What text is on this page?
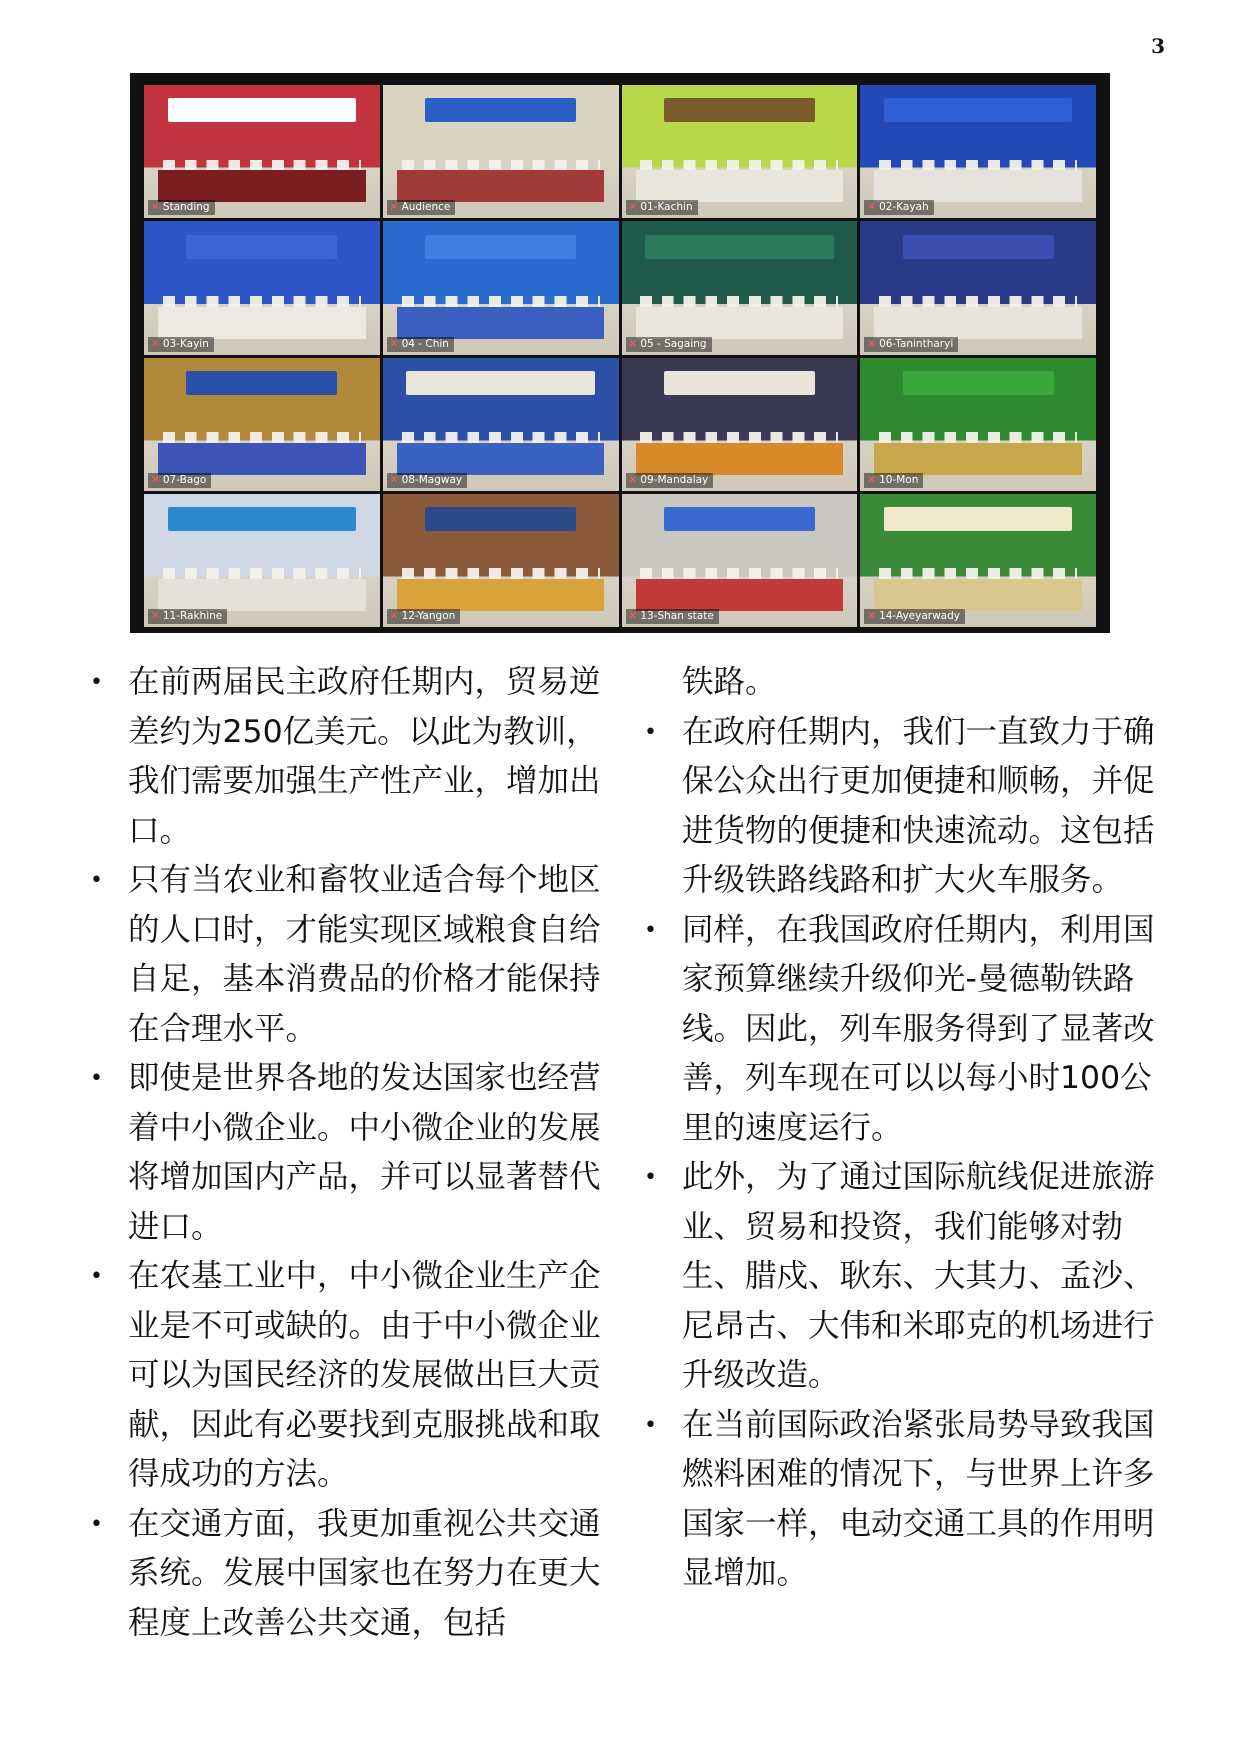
3
✕ Standing	✕ Audience	✕ 01-Kachin	✕ 02-Kayah
✕ 03-Kayin	✕ 04 - Chin	✕ 05 - Sagaing	✕ 06-Tanintharyi
✕ 07-Bago	✕ 08-Magway	✕ 09-Mandalay	✕ 10-Mon
✕ 11-Rakhine	✕ 12-Yangon	✕ 13-Shan state	✕ 14-Ayeyarwady
• 在前两届民主政府任期内，贸易逆差约为250亿美元。以此为教训，我们需要加强生产性产业，增加出口。

• 只有当农业和畜牧业适合每个地区的人口时，才能实现区域粮食自给自足，基本消费品的价格才能保持在合理水平。

• 即使是世界各地的发达国家也经营着中小微企业。中小微企业的发展将增加国内产品，并可以显著替代进口。

• 在农基工业中，中小微企业生产企业是不可或缺的。由于中小微企业可以为国民经济的发展做出巨大贡献，因此有必要找到克服挑战和取得成功的方法。

• 在交通方面，我更加重视公共交通系统。发展中国家也在努力在更大程度上改善公共交通，包括

铁路。

• 在政府任期内，我们一直致力于确保公众出行更加便捷和顺畅，并促进货物的便捷和快速流动。这包括升级铁路线路和扩大火车服务。

• 同样，在我国政府任期内，利用国家预算继续升级仰光-曼德勒铁路线。因此，列车服务得到了显著改善，列车现在可以以每小时100公里的速度运行。

• 此外，为了通过国际航线促进旅游业、贸易和投资，我们能够对勃生、腊戍、耿东、大其力、孟沙、尼昂古、大伟和米耶克的机场进行升级改造。

• 在当前国际政治紧张局势导致我国燃料困难的情况下，与世界上许多国家一样，电动交通工具的作用明显增加。
